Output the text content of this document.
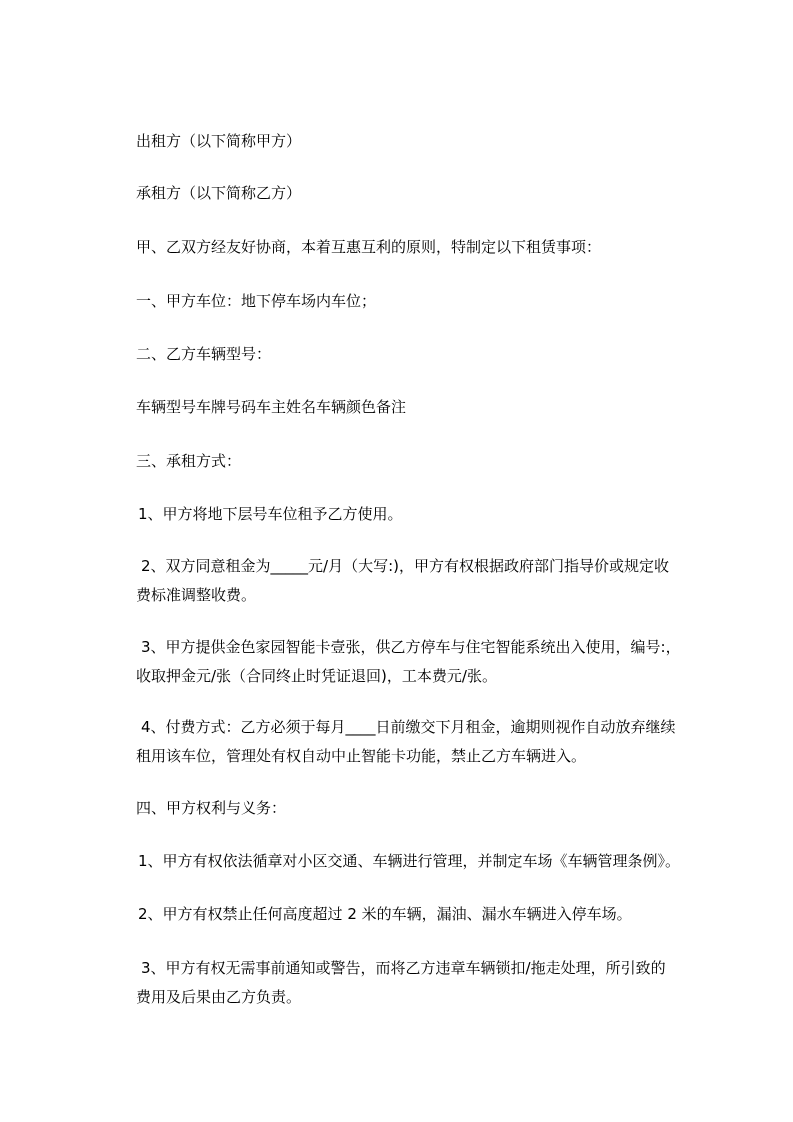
出租方（以下简称甲方）
承租方（以下简称乙方）
甲、乙双方经友好协商，本着互惠互利的原则，特制定以下租赁事项：
一、甲方车位：地下停车场内车位；
二、乙方车辆型号：
车辆型号车牌号码车主姓名车辆颜色备注
三、承租方式：
1、甲方将地下层号车位租予乙方使用。
2、双方同意租金为_____元/月（大写:)，甲方有权根据政府部门指导价或规定收
费标准调整收费。
3、甲方提供金色家园智能卡壹张，供乙方停车与住宅智能系统出入使用，编号:，
收取押金元/张（合同终止时凭证退回)，工本费元/张。
4、付费方式：乙方必须于每月____日前缴交下月租金，逾期则视作自动放弃继续
租用该车位，管理处有权自动中止智能卡功能，禁止乙方车辆进入。
四、甲方权利与义务：
1、甲方有权依法循章对小区交通、车辆进行管理，并制定车场《车辆管理条例》。
2、甲方有权禁止任何高度超过 2 米的车辆，漏油、漏水车辆进入停车场。
3、甲方有权无需事前通知或警告，而将乙方违章车辆锁扣/拖走处理，所引致的
费用及后果由乙方负责。
